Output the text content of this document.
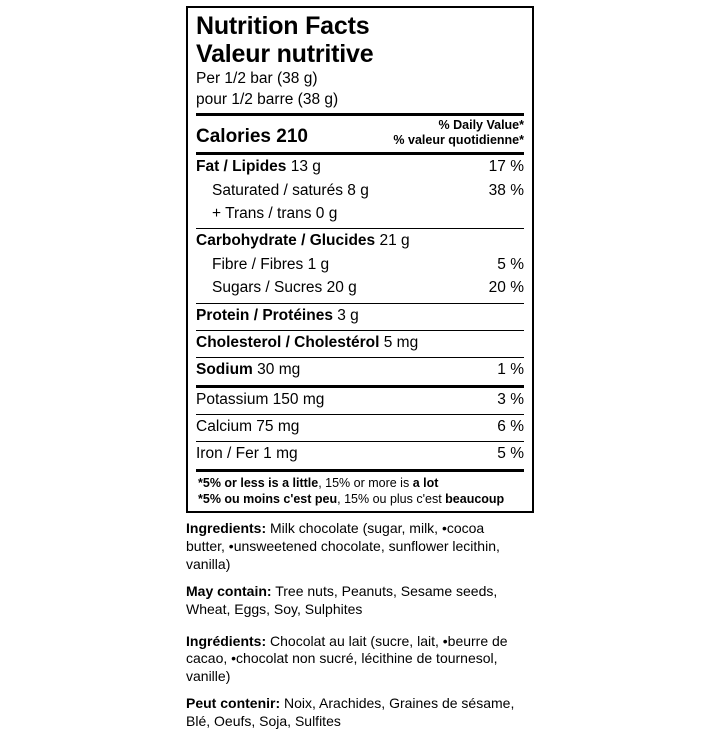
Nutrition Facts
Valeur nutritive
Per 1/2 bar (38 g)
pour 1/2 barre (38 g)
Calories 210
% Daily Value*
% valeur quotidienne*
Fat / Lipides 13 g	17 %
Saturated / saturés 8 g	38 %
+ Trans / trans 0 g
Carbohydrate / Glucides 21 g
Fibre / Fibres 1 g	5 %
Sugars / Sucres 20 g	20 %
Protein / Protéines 3 g
Cholesterol / Cholestérol 5 mg
Sodium 30 mg	1 %
Potassium 150 mg	3 %
Calcium 75 mg	6 %
Iron / Fer 1 mg	5 %
*5% or less is a little, 15% or more is a lot
*5% ou moins c'est peu, 15% ou plus c'est beaucoup

Ingredients: Milk chocolate (sugar, milk, •cocoa butter, •unsweetened chocolate, sunflower lecithin, vanilla)

May contain: Tree nuts, Peanuts, Sesame seeds, Wheat, Eggs, Soy, Sulphites

Ingrédients: Chocolat au lait (sucre, lait, •beurre de cacao, •chocolat non sucré, lécithine de tournesol, vanille)

Peut contenir: Noix, Arachides, Graines de sésame, Blé, Oeufs, Soja, Sulfites
